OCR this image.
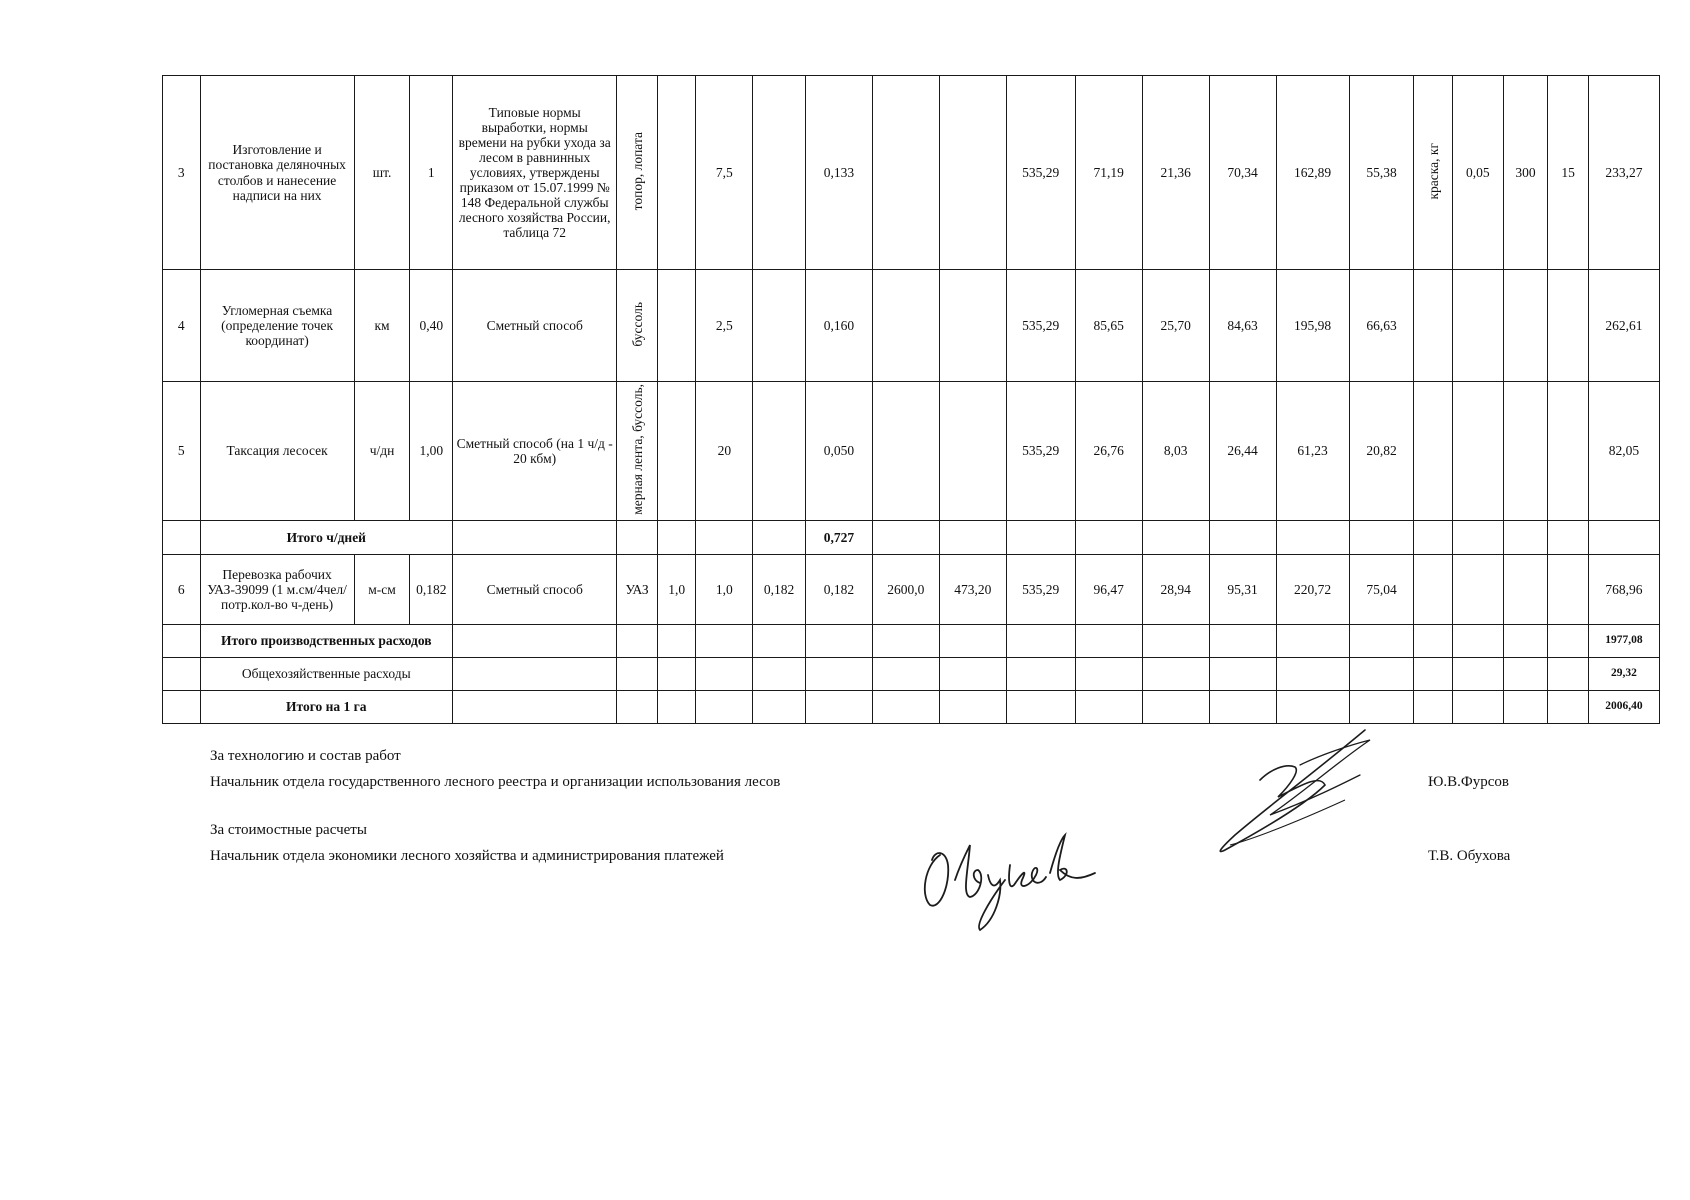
3	Изготовление и постановка деляночных столбов и нанесение надписи на них	шт.	1	Типовые нормы выработки, нормы времени на рубки ухода за лесом в равнинных условиях, утверждены приказом от 15.07.1999 № 148 Федеральной службы лесного хозяйства России, таблица 72	топор, лопата		7,5		0,133			535,29	71,19	21,36	70,34	162,89	55,38	краска, кг	0,05	300	15	233,27
4	Угломерная съемка (определение точек координат)	км	0,40	Сметный способ	буссоль		2,5		0,160			535,29	85,65	25,70	84,63	195,98	66,63					262,61
5	Таксация лесосек	ч/дн	1,00	Сметный способ (на 1 ч/д - 20 кбм)	мерная лента, буссоль,		20		0,050			535,29	26,76	8,03	26,44	61,23	20,82					82,05
	Итого ч/дней								0,727													
6	Перевозка рабочих УАЗ-39099 (1 м.см/4чел/потр.кол-во ч-день)	м-см	0,182	Сметный способ	УАЗ	1,0	1,0	0,182	0,182	2600,0	473,20	535,29	96,47	28,94	95,31	220,72	75,04					768,96
	Итого производственных расходов																					1977,08
	Общехозяйственные расходы																					29,32
	Итого на 1 га																					2006,40
За технологию и состав работ
Начальник отдела государственного лесного реестра и организации использования лесов
За стоимостные расчеты
Начальник отдела экономики лесного хозяйства и администрирования платежей
Ю.В.Фурсов
Т.В. Обухова
